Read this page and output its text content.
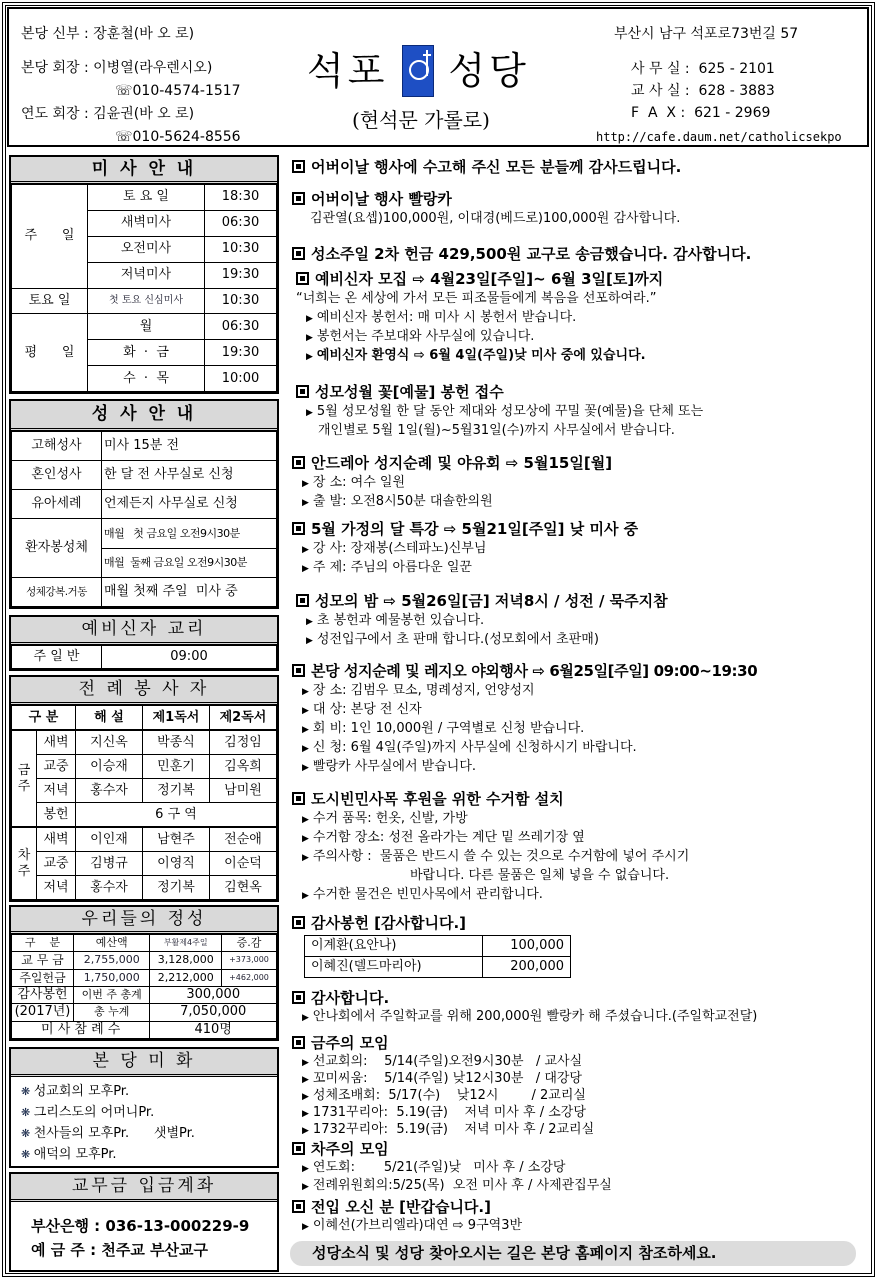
본당 신부 : 장훈철(바 오 로)
본당 회장 : 이병열(라우렌시오)
☏010-4574-1517
연도 회장 : 김윤권(바 오 로)
☏010-5624-8556
석포 성당
(현석문 가롤로)
부산시 남구 석포로73번길 57
사 무 실 :  625 - 2101
교 사 실 :  628 - 3883
F  A  X :  621 - 2969
http://cafe.daum.net/catholicsekpo
미 사 안 내
주      일	토 요 일	18:30
	새벽미사	06:30
	오전미사	10:30
	저녁미사	19:30
토요 일	첫 토요 신심미사	10:30
평      일	월	06:30
	화  ·  금	19:30
	수  ·  목	10:00
성 사 안 내
고해성사	미사 15분 전
혼인성사	한 달 전 사무실로 신청
유아세례	언제든지 사무실로 신청
환자봉성체	매월   첫 금요일 오전9시30분
	매월  둘째 금요일 오전9시30분
성체강복.거동	매월 첫째 주일  미사 중
예비신자 교리
주 일 반	09:00
전 례 봉 사 자
구 분		해 설	제1독서	제2독서
금
주	새벽	지신옥	박종식	김정임
	교중	이승재	민훈기	김옥희
	저녁	홍수자	정기복	남미원
	봉헌	6 구 역		
차
주	새벽	이인재	남현주	전순애
	교중	김병규	이영직	이순덕
	저녁	홍수자	정기복	김현옥
우리들의 정성
구    분	예산액	부활제4주일	증.감
교 무 금	2,755,000	3,128,000	+373,000
주일헌금	1,750,000	2,212,000	+462,000
감사봉헌	이번 주 총계	300,000	
(2017년)	총 누계	7,050,000	
미 사 참 례 수		410명	
본 당 미 화
❋ 성교회의 모후Pr.
❋ 그리스도의 어머니Pr.
❋ 천사들의 모후Pr.      샛별Pr.
❋ 애덕의 모후Pr.
교무금 입금계좌
부산은행 : 036-13-000229-9
예 금 주 : 천주교 부산교구
어버이날 행사에 수고해 주신 모든 분들께 감사드립니다.
어버이날 행사 빨랑카
김관열(요셉)100,000원, 이대경(베드로)100,000원 감사합니다.
성소주일 2차 헌금 429,500원 교구로 송금했습니다. 감사합니다.
예비신자 모집 ⇨ 4월23일[주일]~ 6월 3일[토]까지
“너희는 온 세상에 가서 모든 피조물들에게 복음을 선포하여라.”
▶ 예비신자 봉헌서: 매 미사 시 봉헌서 받습니다.
▶ 봉헌서는 주보대와 사무실에 있습니다.
▶ 예비신자 환영식 ⇨ 6월 4일(주일)낮 미사 중에 있습니다.
성모성월 꽃[예물] 봉헌 접수
▶ 5월 성모성월 한 달 동안 제대와 성모상에 꾸밀 꽃(예물)을 단체 또는
개인별로 5월 1일(월)~5월31일(수)까지 사무실에서 받습니다.
안드레아 성지순례 및 야유회 ⇨ 5월15일[월]
▶ 장 소: 여수 일원
▶ 출 발: 오전8시50분 대솔한의원
5월 가정의 달 특강 ⇨ 5월21일[주일] 낮 미사 중
▶ 강 사: 장재봉(스테파노)신부님
▶ 주 제: 주님의 아름다운 일꾼
성모의 밤 ⇨ 5월26일[금] 저녁8시 / 성전 / 묵주지참
▶ 초 봉헌과 예물봉헌 있습니다.
▶ 성전입구에서 초 판매 합니다.(성모회에서 초판매)
본당 성지순례 및 레지오 야외행사 ⇨ 6월25일[주일] 09:00~19:30
▶ 장 소: 김범우 묘소, 명례성지, 언양성지
▶ 대 상: 본당 전 신자
▶ 회 비: 1인 10,000원 / 구역별로 신청 받습니다.
▶ 신 청: 6월 4일(주일)까지 사무실에 신청하시기 바랍니다.
▶ 빨랑카 사무실에서 받습니다.
도시빈민사목 후원을 위한 수거함 설치
▶ 수거 품목: 헌옷, 신발, 가방
▶ 수거함 장소: 성전 올라가는 계단 밑 쓰레기장 옆
▶ 주의사항 :  물품은 반드시 쓸 수 있는 것으로 수거함에 넣어 주시기
바랍니다. 다른 물품은 일체 넣을 수 없습니다.
▶ 수거한 물건은 빈민사목에서 관리합니다.
감사봉헌 [감사합니다.]
이계환(요안나)	100,000
이혜진(델드마리아)	200,000
감사합니다.
▶ 안나회에서 주일학교를 위해 200,000원 빨랑카 해 주셨습니다.(주일학교전달)
금주의 모임
▶ 선교회의:    5/14(주일)오전9시30분   / 교사실
▶ 꼬미씨움:    5/14(주일) 낮12시30분   / 대강당
▶ 성체조배회:  5/17(수)    낮12시        / 2교리실
▶ 1731꾸리아:  5.19(금)    저녁 미사 후 / 소강당
▶ 1732꾸리아:  5.19(금)    저녁 미사 후 / 2교리실
차주의 모임
▶ 연도회:       5/21(주일)낮   미사 후 / 소강당
▶ 전례위원회의:5/25(목)  오전 미사 후 / 사제관집무실
전입 오신 분 [반갑습니다.]
▶ 이혜선(가브리엘라)대연 ⇨ 9구역3반
성당소식 및 성당 찾아오시는 길은 본당 홈페이지 참조하세요.
